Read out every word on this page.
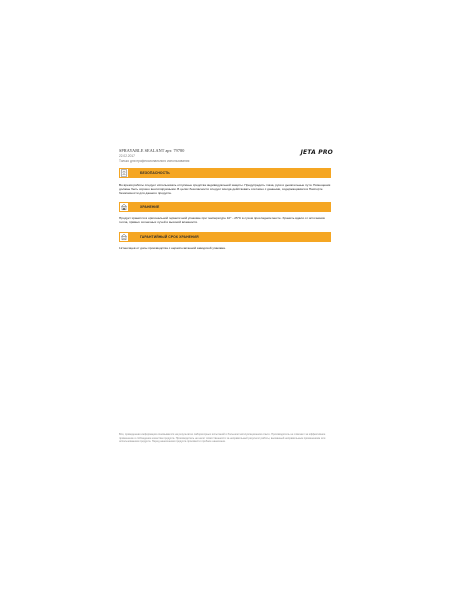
SPRAYABLE SEALANT арт. 79780
22.02.2017
Только для профессионального использования
JETA PRO
БЕЗОПАСНОСТЬ
Во время работы следует использовать отпускные средства индивидуальной защиты. Предупредить глаза, руки и дыхательные пути. Помещения должны быть хорошо вентилируемыми. В целях безопасности следует всегда действовать согласно с данными, содержащимися в Паспорте безопасности для данного продукта.
ХРАНЕНИЕ
Продукт хранится в оригинальной герметичной упаковке при температуре 10° - 25°С в сухом прохладном месте. Хранить вдали от источников тепла, прямых солнечных лучей и высокой влажности.
ГАРАНТИЙНЫЙ СРОК ХРАНЕНИЯ
12 месяцев от даты производства с нераспечатанной заводской упаковке.
Вся, приведенная информация основывается на результатах лабораторных испытаний и большом эксплуатационном опыте. Производитель не отвечает за эффективное применение и соблюдение качества продукта. Производитель не несет ответственности за неправильный результат работы, вызванный неправильным применением или использованием продукта. Перед нанесением продукта произвести пробное нанесение.
